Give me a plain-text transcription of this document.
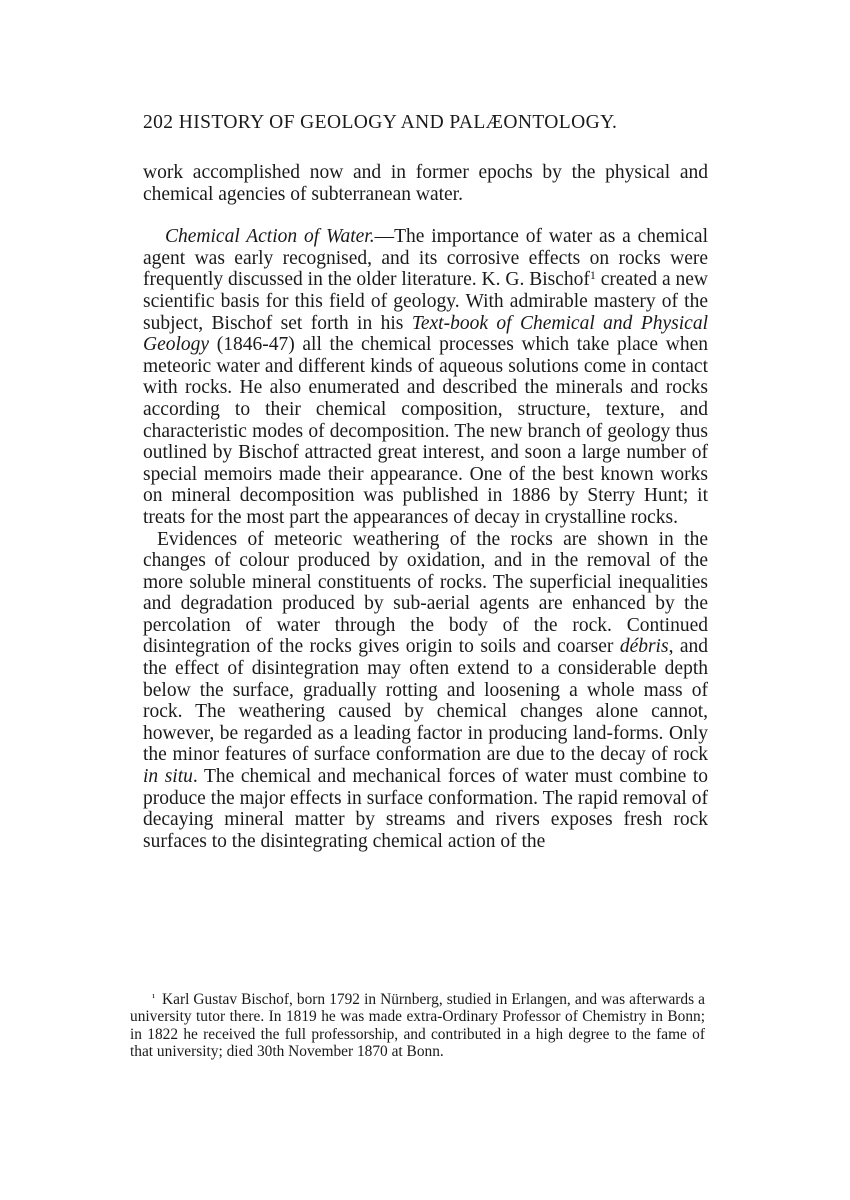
202 HISTORY OF GEOLOGY AND PALÆONTOLOGY.

work accomplished now and in former epochs by the physical and chemical agencies of subterranean water.

Chemical Action of Water.—The importance of water as a chemical agent was early recognised, and its corrosive effects on rocks were frequently discussed in the older literature. K. G. Bischof$^1$ created a new scientific basis for this field of geology. With admirable mastery of the subject, Bischof set forth in his Text-book of Chemical and Physical Geology (1846-47) all the chemical processes which take place when meteoric water and different kinds of aqueous solutions come in contact with rocks. He also enumerated and described the minerals and rocks according to their chemical composition, structure, texture, and characteristic modes of decomposition. The new branch of geology thus outlined by Bischof attracted great interest, and soon a large number of special memoirs made their appearance. One of the best known works on mineral decomposition was published in 1886 by Sterry Hunt; it treats for the most part the appearances of decay in crystalline rocks.

Evidences of meteoric weathering of the rocks are shown in the changes of colour produced by oxidation, and in the removal of the more soluble mineral constituents of rocks. The superficial inequalities and degradation produced by sub-aerial agents are enhanced by the percolation of water through the body of the rock. Continued disintegration of the rocks gives origin to soils and coarser débris, and the effect of disintegration may often extend to a considerable depth below the surface, gradually rotting and loosening a whole mass of rock. The weathering caused by chemical changes alone cannot, however, be regarded as a leading factor in producing land-forms. Only the minor features of surface conformation are due to the decay of rock in situ. The chemical and mechanical forces of water must combine to produce the major effects in surface conformation. The rapid removal of decaying mineral matter by streams and rivers exposes fresh rock surfaces to the disintegrating chemical action of the

¹ Karl Gustav Bischof, born 1792 in Nürnberg, studied in Erlangen, and was afterwards a university tutor there. In 1819 he was made extra-Ordinary Professor of Chemistry in Bonn; in 1822 he received the full professorship, and contributed in a high degree to the fame of that university; died 30th November 1870 at Bonn.
